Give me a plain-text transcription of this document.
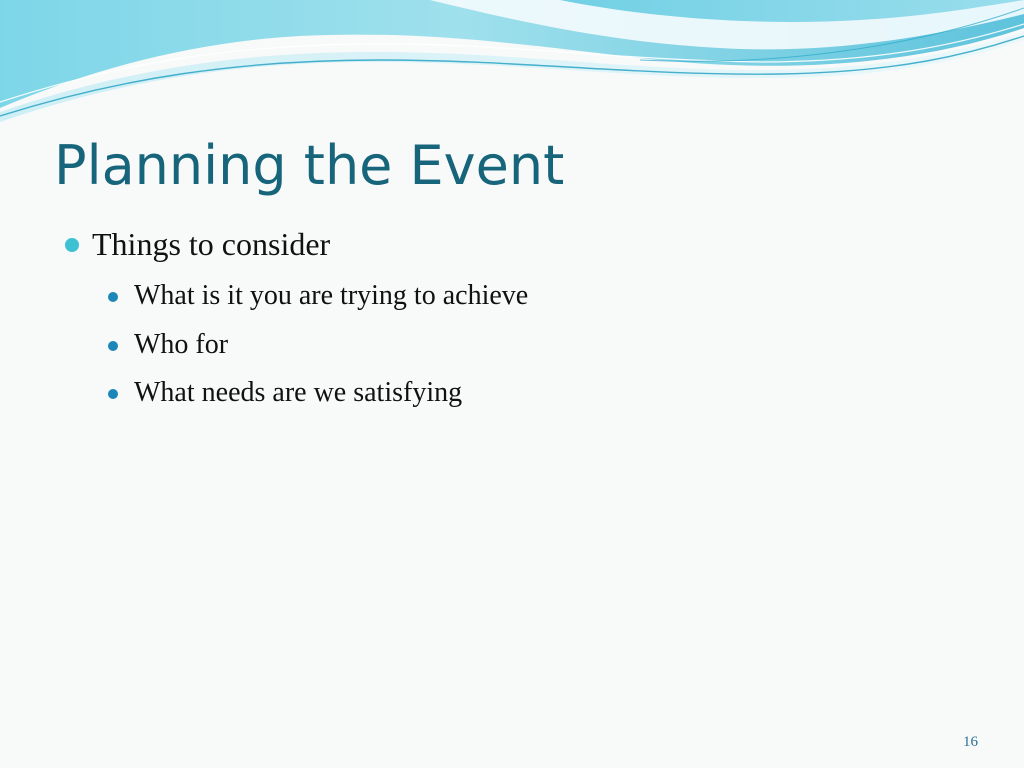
Planning the Event
Things to consider
What is it you are trying to achieve
Who for
What needs are we satisfying
16
